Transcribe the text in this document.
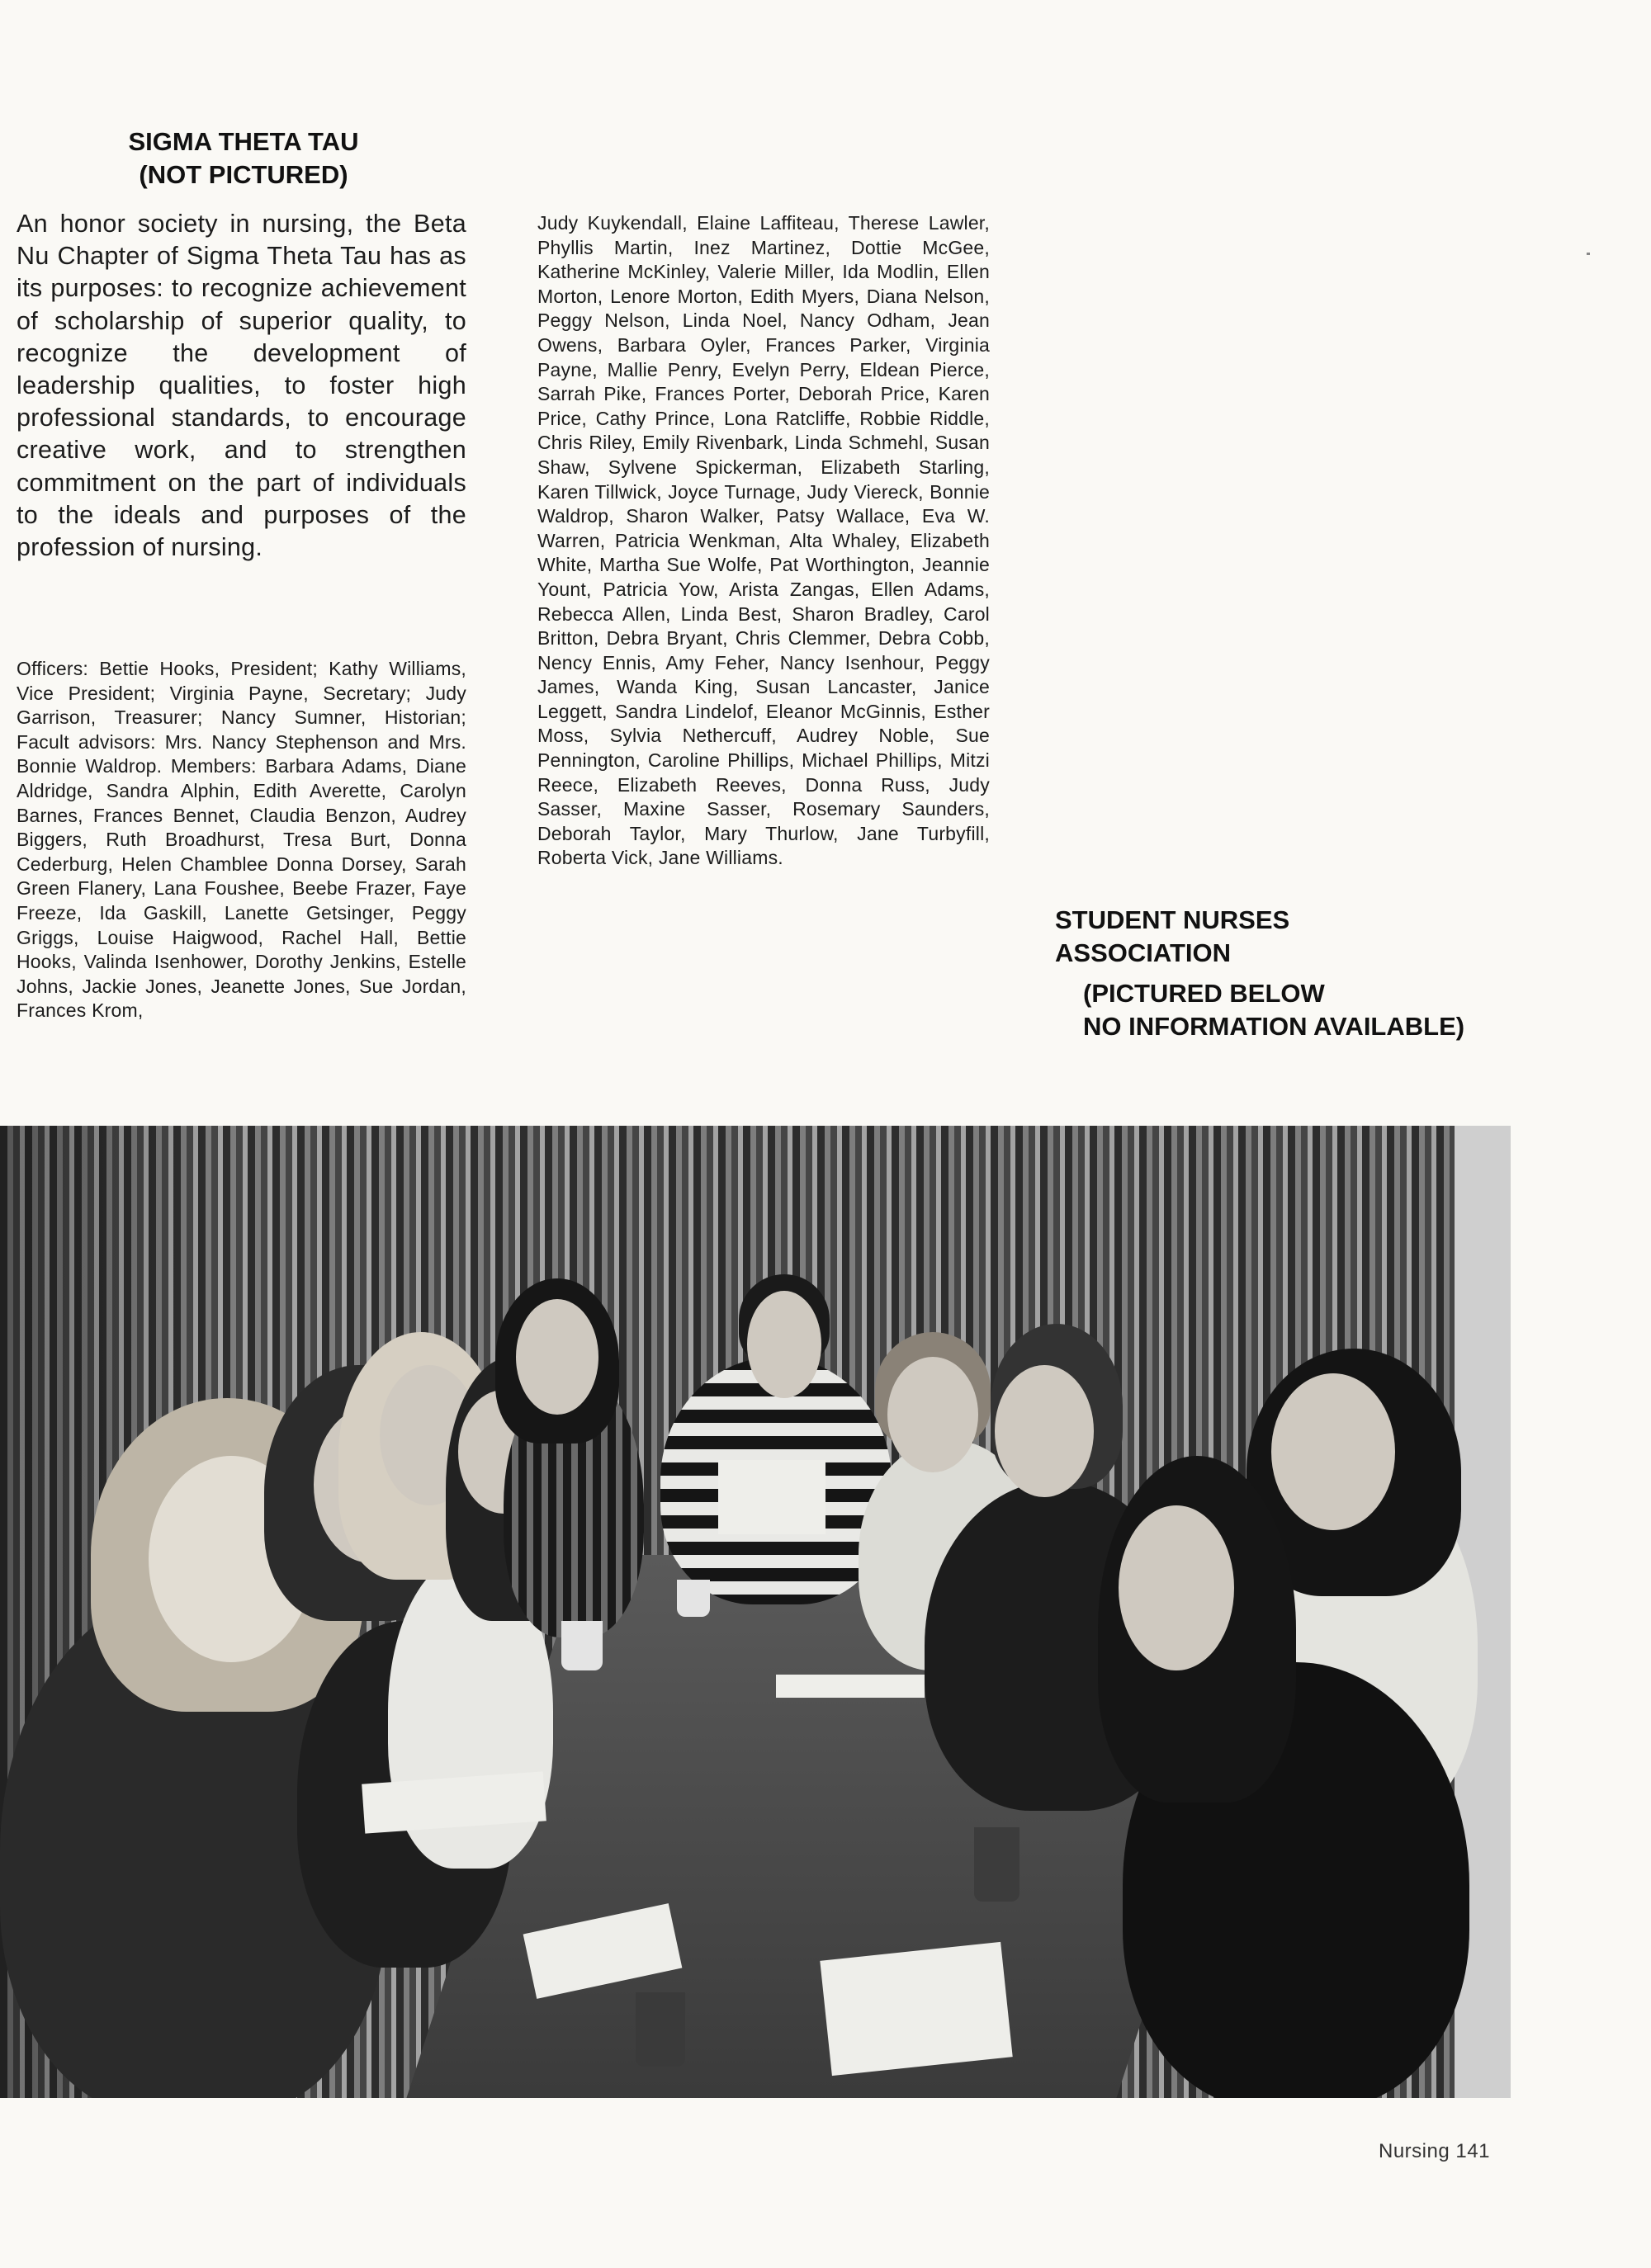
SIGMA THETA TAU
(NOT PICTURED)
An honor society in nursing, the Beta Nu Chapter of Sigma Theta Tau has as its purposes: to recognize achievement of scholarship of superior quality, to recognize the development of leadership qualities, to foster high professional standards, to encourage creative work, and to strengthen commitment on the part of individuals to the ideals and purposes of the profession of nursing.
Officers: Bettie Hooks, President; Kathy Williams, Vice President; Virginia Payne, Secretary; Judy Garrison, Treasurer; Nancy Sumner, Historian; Facult advisors: Mrs. Nancy Stephenson and Mrs. Bonnie Waldrop. Members: Barbara Adams, Diane Aldridge, Sandra Alphin, Edith Averette, Carolyn Barnes, Frances Bennet, Claudia Benzon, Audrey Biggers, Ruth Broadhurst, Tresa Burt, Donna Cederburg, Helen Chamblee Donna Dorsey, Sarah Green Flanery, Lana Foushee, Beebe Frazer, Faye Freeze, Ida Gaskill, Lanette Getsinger, Peggy Griggs, Louise Haigwood, Rachel Hall, Bettie Hooks, Valinda Isenhower, Dorothy Jenkins, Estelle Johns, Jackie Jones, Jeanette Jones, Sue Jordan, Frances Krom,
Judy Kuykendall, Elaine Laffiteau, Therese Lawler, Phyllis Martin, Inez Martinez, Dottie McGee, Katherine McKinley, Valerie Miller, Ida Modlin, Ellen Morton, Lenore Morton, Edith Myers, Diana Nelson, Peggy Nelson, Linda Noel, Nancy Odham, Jean Owens, Barbara Oyler, Frances Parker, Virginia Payne, Mallie Penry, Evelyn Perry, Eldean Pierce, Sarrah Pike, Frances Porter, Deborah Price, Karen Price, Cathy Prince, Lona Ratcliffe, Robbie Riddle, Chris Riley, Emily Rivenbark, Linda Schmehl, Susan Shaw, Sylvene Spickerman, Elizabeth Starling, Karen Tillwick, Joyce Turnage, Judy Viereck, Bonnie Waldrop, Sharon Walker, Patsy Wallace, Eva W. Warren, Patricia Wenkman, Alta Whaley, Elizabeth White, Martha Sue Wolfe, Pat Worthington, Jeannie Yount, Patricia Yow, Arista Zangas, Ellen Adams, Rebecca Allen, Linda Best, Sharon Bradley, Carol Britton, Debra Bryant, Chris Clemmer, Debra Cobb, Nency Ennis, Amy Feher, Nancy Isenhour, Peggy James, Wanda King, Susan Lancaster, Janice Leggett, Sandra Lindelof, Eleanor McGinnis, Esther Moss, Sylvia Nethercuff, Audrey Noble, Sue Pennington, Caroline Phillips, Michael Phillips, Mitzi Reece, Elizabeth Reeves, Donna Russ, Judy Sasser, Maxine Sasser, Rosemary Saunders, Deborah Taylor, Mary Thurlow, Jane Turbyfill, Roberta Vick, Jane Williams.
STUDENT NURSES
ASSOCIATION
(PICTURED BELOW
NO INFORMATION AVAILABLE)
Nursing 141
